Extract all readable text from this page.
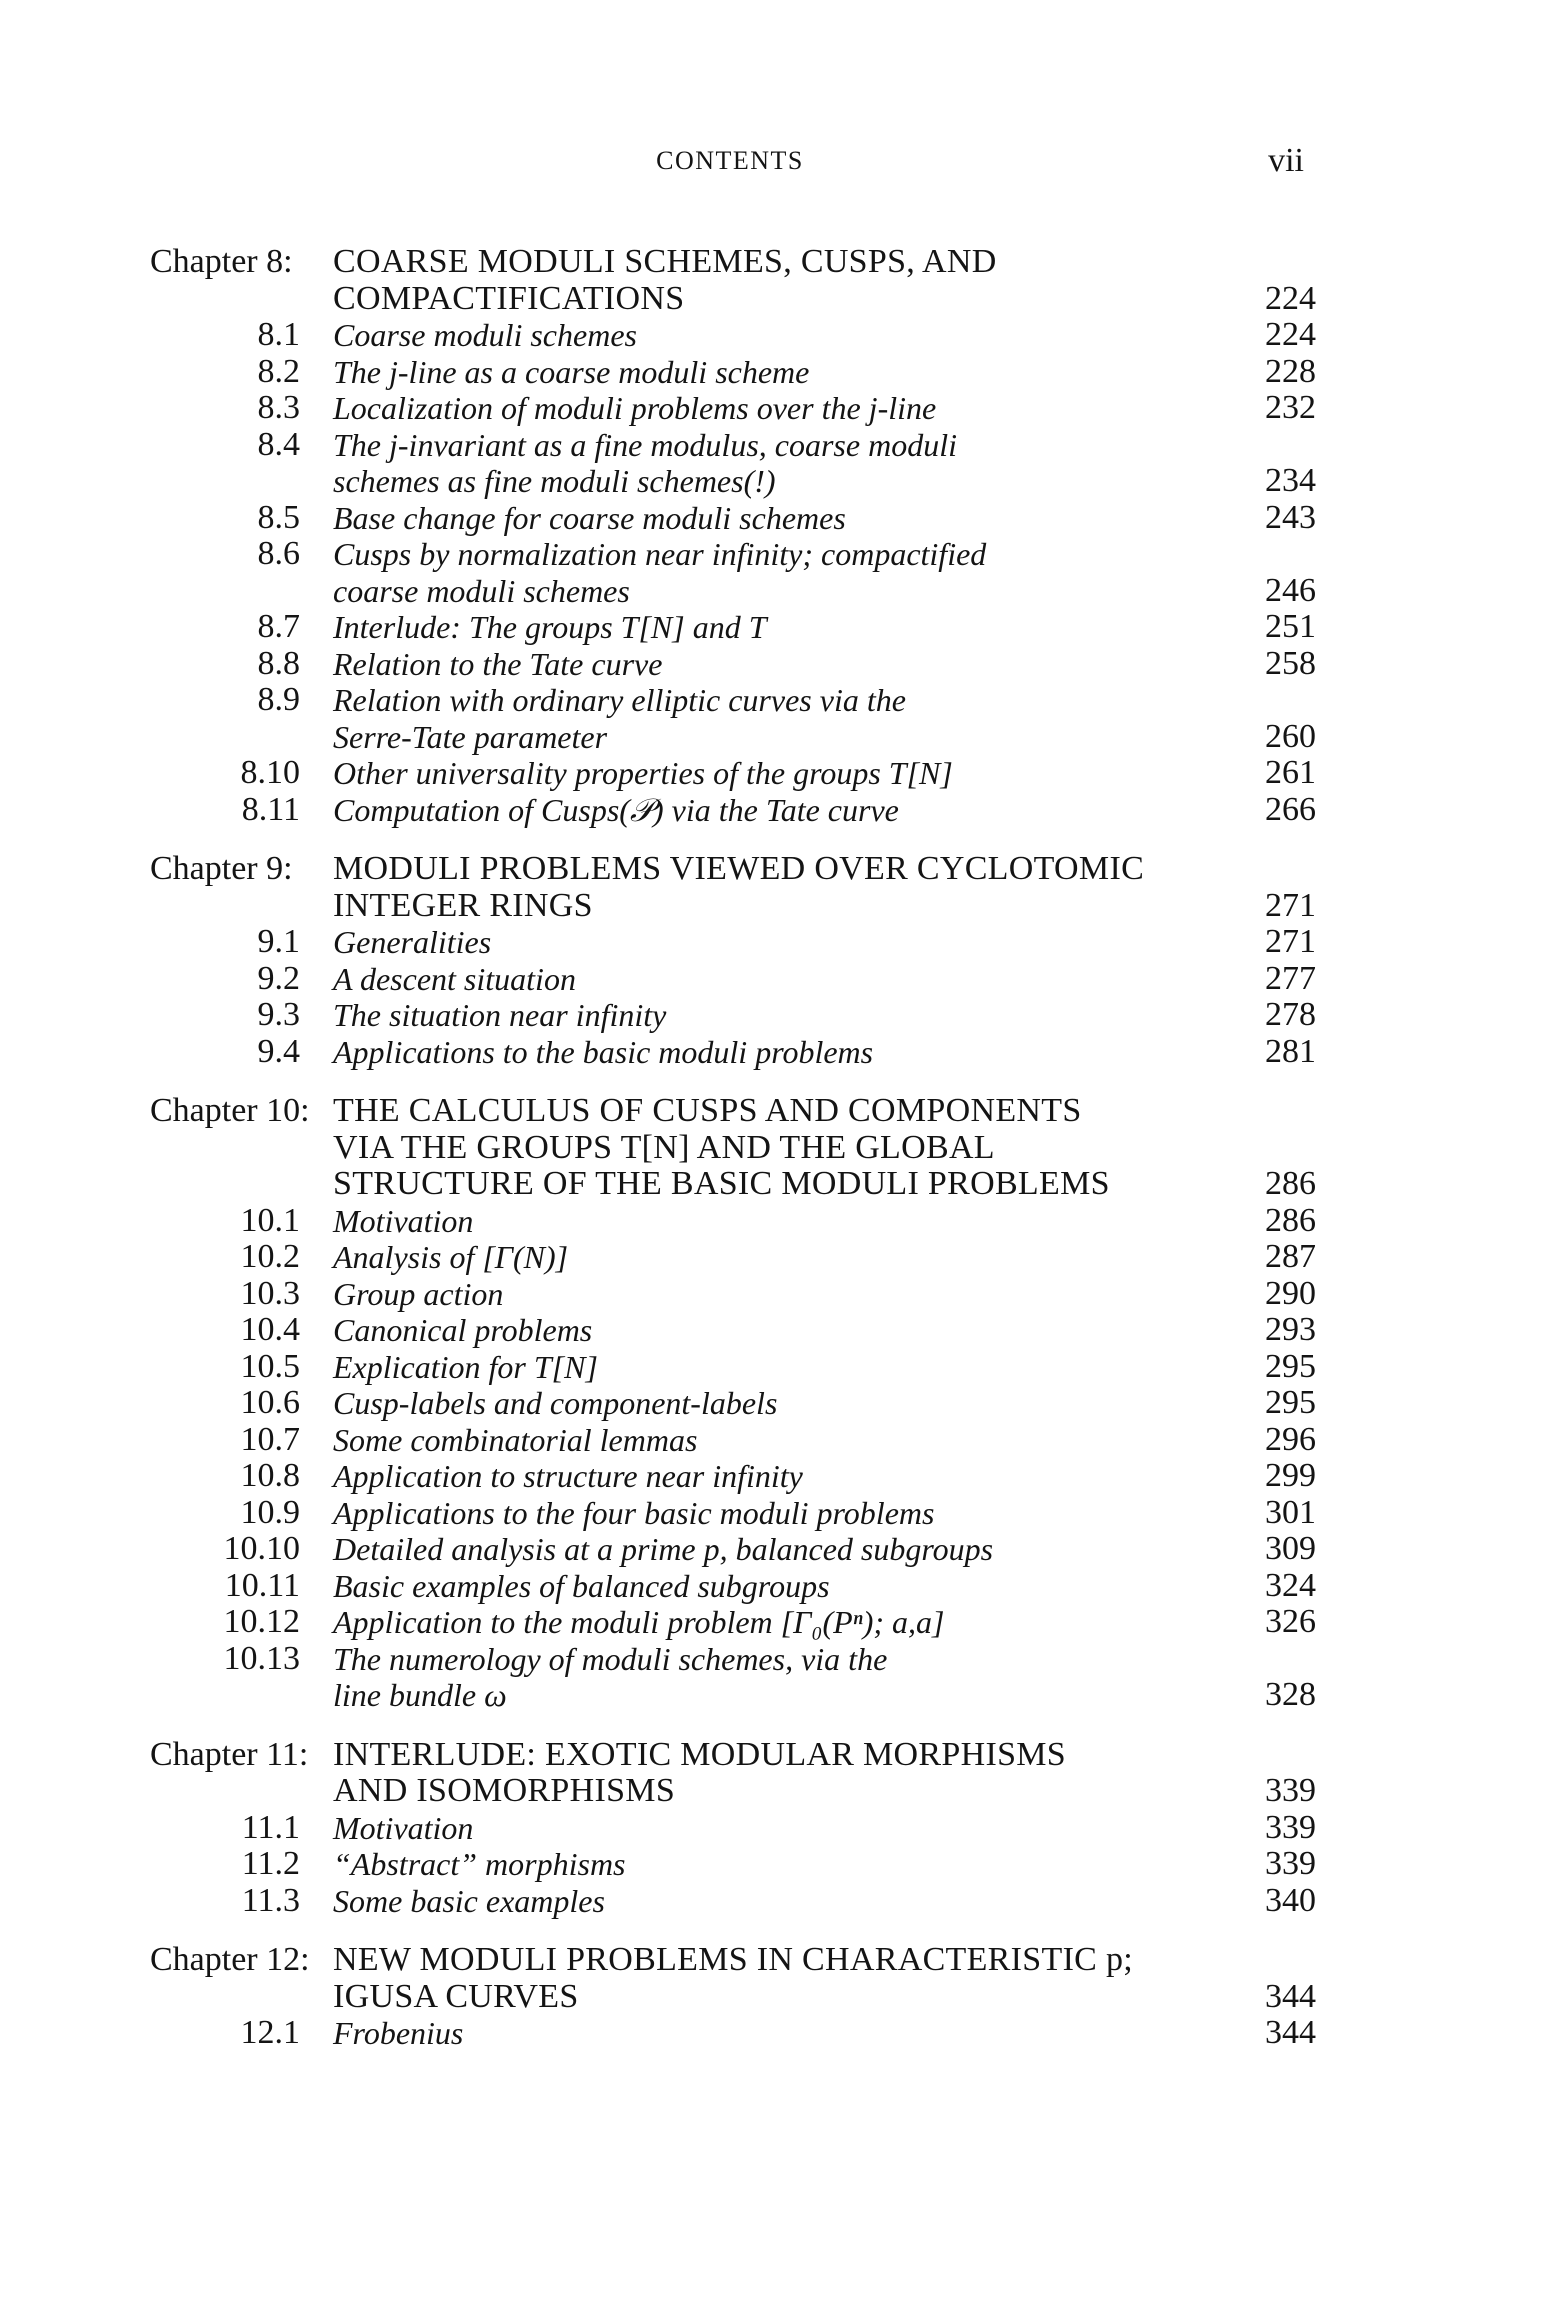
CONTENTS	vii
Chapter 8: COARSE MODULI SCHEMES, CUSPS, AND
COMPACTIFICATIONS	224
8.1 Coarse moduli schemes	224
8.2 The j-line as a coarse moduli scheme	228
8.3 Localization of moduli problems over the j-line	232
8.4 The j-invariant as a fine modulus, coarse moduli
schemes as fine moduli schemes(!)	234
8.5 Base change for coarse moduli schemes	243
8.6 Cusps by normalization near infinity; compactified
coarse moduli schemes	246
8.7 Interlude: The groups T[N] and T	251
8.8 Relation to the Tate curve	258
8.9 Relation with ordinary elliptic curves via the
Serre-Tate parameter	260
8.10 Other universality properties of the groups T[N]	261
8.11 Computation of Cusps(𝒫) via the Tate curve	266
Chapter 9: MODULI PROBLEMS VIEWED OVER CYCLOTOMIC
INTEGER RINGS	271
9.1 Generalities	271
9.2 A descent situation	277
9.3 The situation near infinity	278
9.4 Applications to the basic moduli problems	281
Chapter 10: THE CALCULUS OF CUSPS AND COMPONENTS
VIA THE GROUPS T[N] AND THE GLOBAL
STRUCTURE OF THE BASIC MODULI PROBLEMS	286
10.1 Motivation	286
10.2 Analysis of [Γ(N)]	287
10.3 Group action	290
10.4 Canonical problems	293
10.5 Explication for T[N]	295
10.6 Cusp-labels and component-labels	295
10.7 Some combinatorial lemmas	296
10.8 Application to structure near infinity	299
10.9 Applications to the four basic moduli problems	301
10.10 Detailed analysis at a prime p, balanced subgroups	309
10.11 Basic examples of balanced subgroups	324
10.12 Application to the moduli problem [Γ₀(Pⁿ); a,a]	326
10.13 The numerology of moduli schemes, via the
line bundle ω	328
Chapter 11: INTERLUDE: EXOTIC MODULAR MORPHISMS
AND ISOMORPHISMS	339
11.1 Motivation	339
11.2 “Abstract” morphisms	339
11.3 Some basic examples	340
Chapter 12: NEW MODULI PROBLEMS IN CHARACTERISTIC p;
IGUSA CURVES	344
12.1 Frobenius	344
